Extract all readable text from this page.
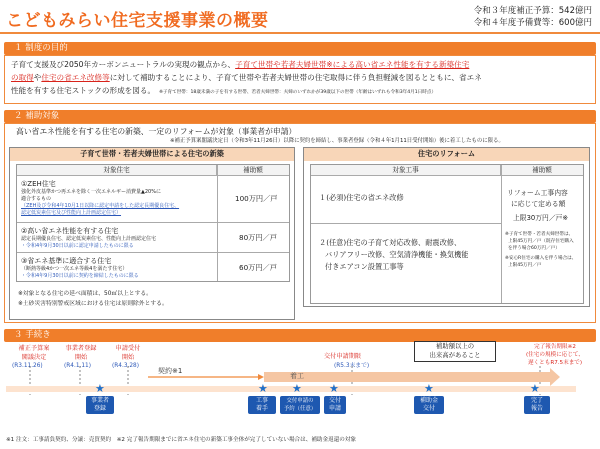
こどもみらい住宅支援事業の概要	令和３年度補正予算：542億円
令和４年度予備費等：600億円
１ 制度の目的
子育て支援及び2050年カーボンニュートラルの実現の観点から、子育て世帯や若者夫婦世帯※による高い省エネ性能を有する新築住宅
の取得や住宅の省エネ改修等に対して補助することにより、子育て世帯や若者夫婦世帯の住宅取得に伴う負担軽減を図るとともに、省エネ
性能を有する住宅ストックの形成を図る。 ※子育て世帯：18歳未満の子を有する世帯、若者夫婦世帯：夫婦のいずれかが39歳以下の世帯（年齢はいずれも令和3年4月1日時点）
２ 補助対象
高い省エネ性能を有する住宅の新築、一定のリフォームが対象（事業者が申請）
※補正予算案閣議決定日（令和3年11月26日）以降に契約を締結し、事業者登録（令和４年1月11日受付開始）後に着工したものに限る。
子育て世帯・若者夫婦世帯による住宅の新築
対象住宅	補助額
①ZEH住宅
強化外皮基準かつ再エネを除く一次エネルギー消費量▲20%に
適合するもの
（ZEH及び令和4年10月1日以降に認定申請をした認定長期優良住宅、
認定低炭素住宅及び性能向上計画認定住宅）
100万円／戸
②高い省エネ性能を有する住宅
認定長期優良住宅、認定低炭素住宅、性能向上計画認定住宅
・令和4年9月30日以前に認定申請したものに限る
80万円／戸
③省エネ基準に適合する住宅
（断熱等級4かつ一次エネ等級4を満たす住宅）
・令和4年9月30日以前に契約を締結したものに限る
60万円／戸
※対象となる住宅の延べ面積は、50㎡以上とする。
※土砂災害特別警戒区域における住宅は原則除外とする。
住宅のリフォーム
対象工事	補助額
１(必須)住宅の省エネ改修
２(任意)住宅の子育て対応改修、耐震改修、
バリアフリー改修、空気清浄機能・換気機能
付きエアコン設置工事等
リフォーム工事内容
に応じて定める額
上限30万円／戸※
※子育て世帯・若者夫婦世帯は、
上限45万円／戸（既存住宅購入
を伴う場合60万円／戸）
※安心R住宅の購入を伴う場合は、
上限45万円／戸
３ 手続き
補正予算案
閣議決定
(R3.11.26)
事業者登録
開始
(R4.1.11)
申請受付
開始
(R4.3.28)
交付申請期限
(R5.3末まで)
完了報告期限※2
(住宅の規模に応じて、
遅くともR7.5末まで)
補助額以上の
出来高があること
契約※1
着工
★	★ ★ ★	★	★
事業者
登録
工事
着手
交付申請の
予約（任意）
交付
申請
補助金
交付
完了
報告
※1 注文：工事請負契約、分譲：売買契約　※2 完了報告期限までに省エネ住宅の新築工事全体が完了していない場合は、補助金返還の対象
